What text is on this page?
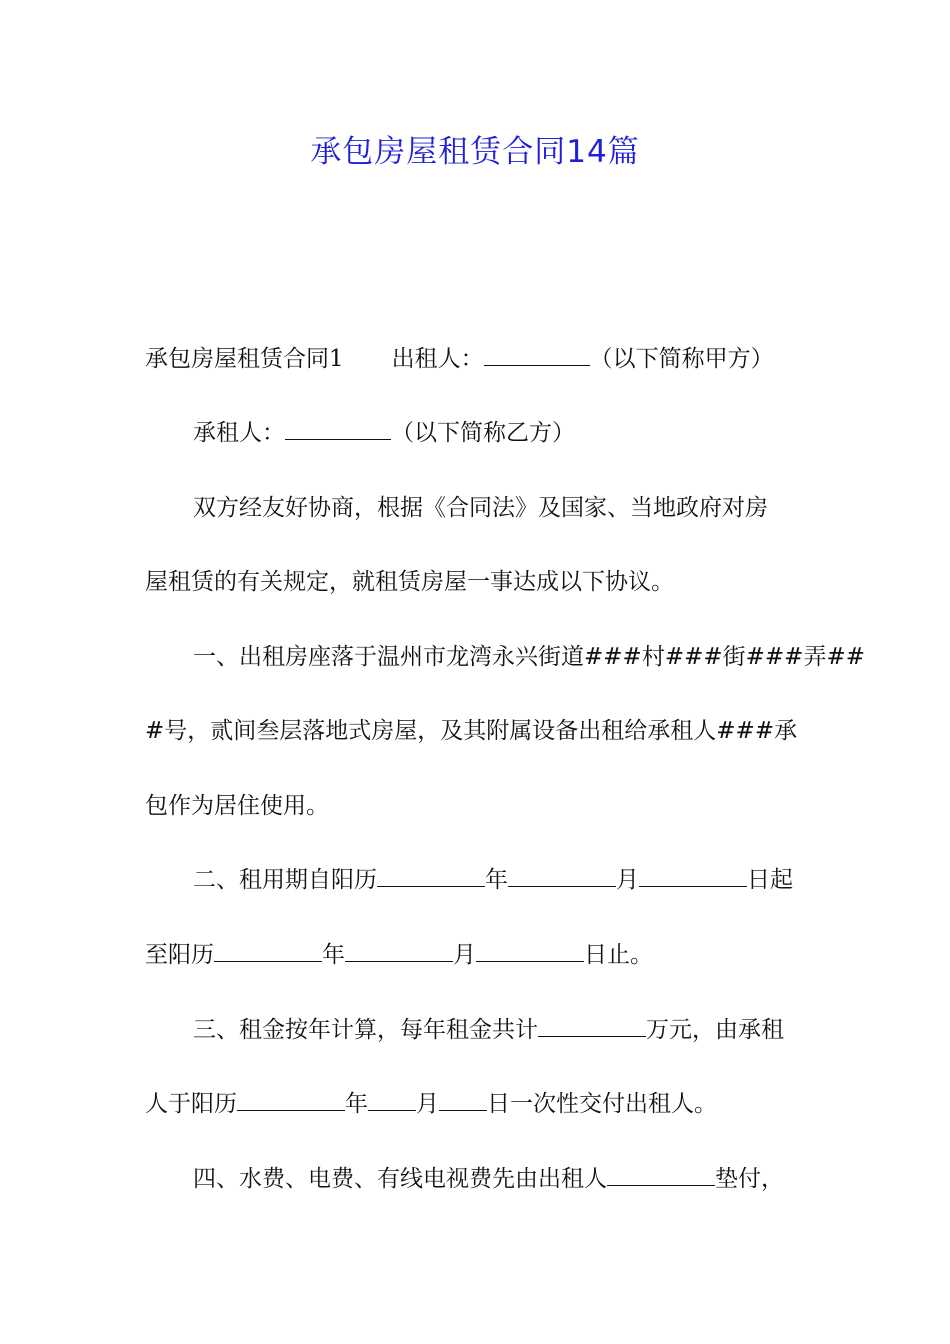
承包房屋租赁合同14篇
承包房屋租赁合同1 出租人：	（以下简称甲方）
承租人：	（以下简称乙方）
双方经友好协商，根据《合同法》及国家、当地政府对房
屋租赁的有关规定，就租赁房屋一事达成以下协议。
一、出租房座落于温州市龙湾永兴街道###村###街###弄##
#号，贰间叁层落地式房屋，及其附属设备出租给承租人###承
包作为居住使用。
二、租用期自阳历	年	月	日起
至阳历	年	月	日止。
三、租金按年计算，每年租金共计	万元，由承租
人于阳历	年 月 日一次性交付出租人。
四、水费、电费、有线电视费先由出租人	垫付，
